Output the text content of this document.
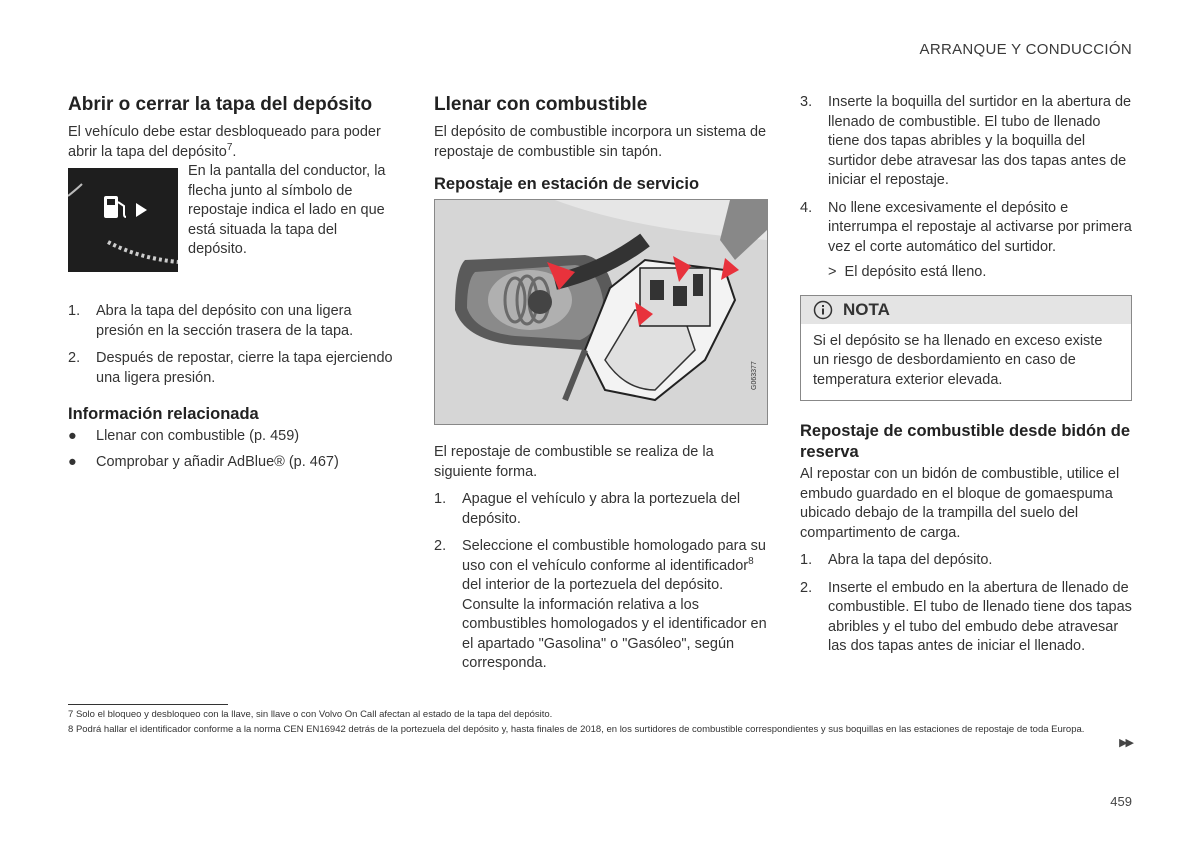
ARRANQUE Y CONDUCCIÓN
Abrir o cerrar la tapa del depósito

El vehículo debe estar desbloqueado para poder abrir la tapa del depósito$^7$.

En la pantalla del conductor, la flecha junto al símbolo de repostaje indica el lado en que está situada la tapa del depósito.

1. Abra la tapa del depósito con una ligera presión en la sección trasera de la tapa.
2. Después de repostar, cierre la tapa ejerciendo una ligera presión.
Información relacionada
● Llenar con combustible (p. 459)
● Comprobar y añadir AdBlue® (p. 467)
Llenar con combustible

El depósito de combustible incorpora un sistema de repostaje de combustible sin tapón.

Repostaje en estación de servicio
G063377

El repostaje de combustible se realiza de la siguiente forma.

1. Apague el vehículo y abra la portezuela del depósito.
2. Seleccione el combustible homologado para su uso con el vehículo conforme al identificador$^8$ del interior de la portezuela del depósito. Consulte la información relativa a los combustibles homologados y el identificador en el apartado "Gasolina" o "Gasóleo", según corresponda.
3. Inserte la boquilla del surtidor en la abertura de llenado de combustible. El tubo de llenado tiene dos tapas abribles y la boquilla del surtidor debe atravesar las dos tapas antes de iniciar el repostaje.
4. No llene excesivamente el depósito e interrumpa el repostaje al activarse por primera vez el corte automático del surtidor.

> El depósito está lleno.

NOTA
Si el depósito se ha llenado en exceso existe un riesgo de desbordamiento en caso de temperatura exterior elevada.
Repostaje de combustible desde bidón de reserva

Al repostar con un bidón de combustible, utilice el embudo guardado en el bloque de gomaespuma ubicado debajo de la trampilla del suelo del compartimento de carga.

1. Abra la tapa del depósito.
2. Inserte el embudo en la abertura de llenado de combustible. El tubo de llenado tiene dos tapas abribles y el tubo del embudo debe atravesar las dos tapas antes de iniciar el llenado.
7 Solo el bloqueo y desbloqueo con la llave, sin llave o con Volvo On Call afectan al estado de la tapa del depósito.
8 Podrá hallar el identificador conforme a la norma CEN EN16942 detrás de la portezuela del depósito y, hasta finales de 2018, en los surtidores de combustible correspondientes y sus boquillas en las estaciones de repostaje de toda Europa.
▶▶
459
